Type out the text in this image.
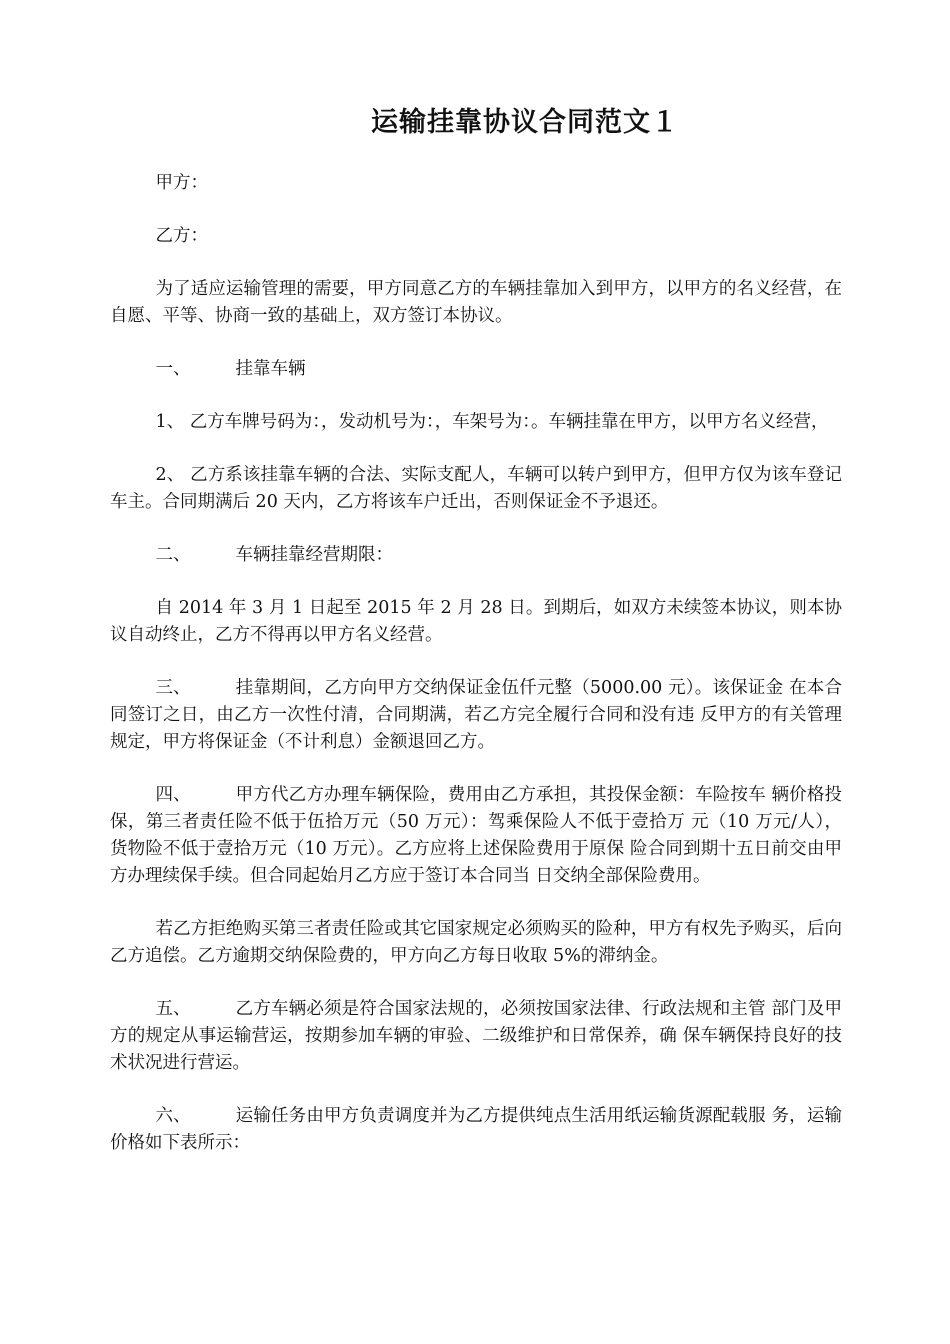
运输挂靠协议合同范文１

甲方：

乙方：

为了适应运输管理的需要，甲方同意乙方的车辆挂靠加入到甲方，以甲方的名义经营，在自愿、平等、协商一致的基础上，双方签订本协议。

一、	挂靠车辆

1、 乙方车牌号码为：，发动机号为：，车架号为：。车辆挂靠在甲方，以甲方名义经营，

2、 乙方系该挂靠车辆的合法、实际支配人，车辆可以转户到甲方，但甲方仅为该车登记车主。合同期满后 20 天内，乙方将该车户迁出，否则保证金不予退还。

二、	车辆挂靠经营期限：

自 2014 年 3 月 1 日起至 2015 年 2 月 28 日。到期后，如双方未续签本协议，则本协议自动终止，乙方不得再以甲方名义经营。

三、	挂靠期间，乙方向甲方交纳保证金伍仟元整（5000.00 元）。该保证金 在本合同签订之日，由乙方一次性付清，合同期满，若乙方完全履行合同和没有违 反甲方的有关管理规定，甲方将保证金（不计利息）金额退回乙方。

四、	甲方代乙方办理车辆保险，费用由乙方承担，其投保金额：车险按车 辆价格投保，第三者责任险不低于伍拾万元（50 万元）：驾乘保险人不低于壹拾万 元（10 万元/人），货物险不低于壹拾万元（10 万元）。乙方应将上述保险费用于原保 险合同到期十五日前交由甲方办理续保手续。但合同起始月乙方应于签订本合同当 日交纳全部保险费用。

若乙方拒绝购买第三者责任险或其它国家规定必须购买的险种，甲方有权先予购买，后向乙方追偿。乙方逾期交纳保险费的，甲方向乙方每日收取 5%的滞纳金。

五、	乙方车辆必须是符合国家法规的，必须按国家法律、行政法规和主管 部门及甲方的规定从事运输营运，按期参加车辆的审验、二级维护和日常保养，确 保车辆保持良好的技术状况进行营运。

六、	运输任务由甲方负责调度并为乙方提供纯点生活用纸运输货源配载服 务，运输价格如下表所示：
